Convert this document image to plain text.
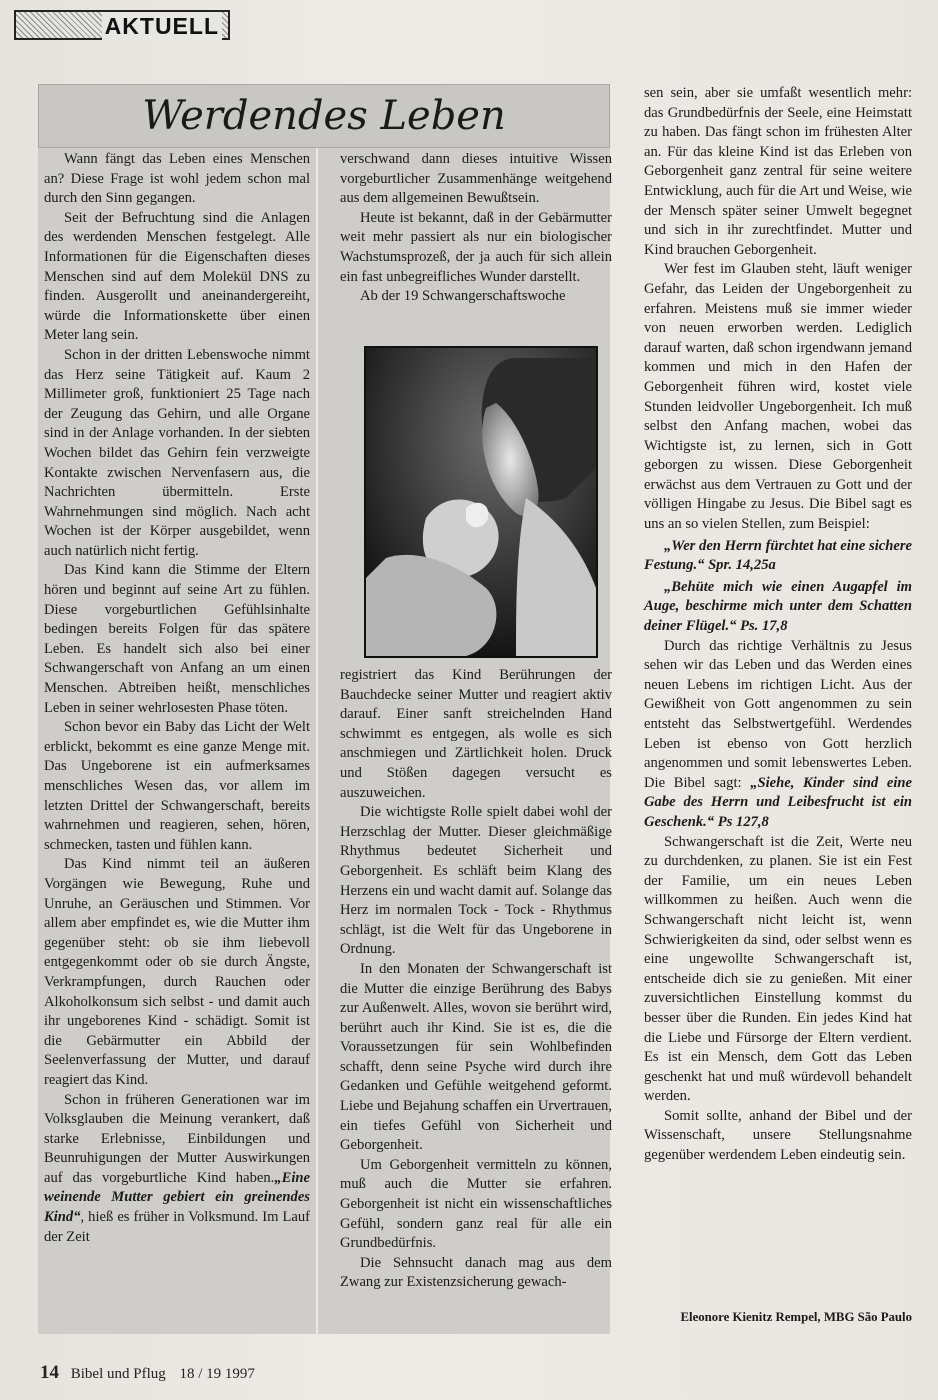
AKTUELL
Werdendes Leben

Wann fängt das Leben eines Menschen an? Diese Frage ist wohl jedem schon mal durch den Sinn gegangen.

Seit der Befruchtung sind die Anlagen des werdenden Menschen festgelegt. Alle Informationen für die Eigenschaften dieses Menschen sind auf dem Molekül DNS zu finden. Ausgerollt und aneinandergereiht, würde die Informationskette über einen Meter lang sein.

Schon in der dritten Lebenswoche nimmt das Herz seine Tätigkeit auf. Kaum 2 Millimeter groß, funktioniert 25 Tage nach der Zeugung das Gehirn, und alle Organe sind in der Anlage vorhanden. In der siebten Wochen bildet das Gehirn fein verzweigte Kontakte zwischen Nervenfasern aus, die Nachrichten übermitteln. Erste Wahrnehmungen sind möglich. Nach acht Wochen ist der Körper ausgebildet, wenn auch natürlich nicht fertig.

Das Kind kann die Stimme der Eltern hören und beginnt auf seine Art zu fühlen. Diese vorgeburtlichen Gefühlsinhalte bedingen bereits Folgen für das spätere Leben. Es handelt sich also bei einer Schwangerschaft von Anfang an um einen Menschen. Abtreiben heißt, menschliches Leben in seiner wehrlosesten Phase töten.

Schon bevor ein Baby das Licht der Welt erblickt, bekommt es eine ganze Menge mit. Das Ungeborene ist ein aufmerksames menschliches Wesen das, vor allem im letzten Drittel der Schwangerschaft, bereits wahrnehmen und reagieren, sehen, hören, schmecken, tasten und fühlen kann.

Das Kind nimmt teil an äußeren Vorgängen wie Bewegung, Ruhe und Unruhe, an Geräuschen und Stimmen. Vor allem aber empfindet es, wie die Mutter ihm gegenüber steht: ob sie ihm liebevoll entgegenkommt oder ob sie durch Ängste, Verkrampfungen, durch Rauchen oder Alkoholkonsum sich selbst - und damit auch ihr ungeborenes Kind - schädigt. Somit ist die Gebärmutter ein Abbild der Seelenverfassung der Mutter, und darauf reagiert das Kind.

Schon in früheren Generationen war im Volksglauben die Meinung verankert, daß starke Erlebnisse, Einbildungen und Beunruhigungen der Mutter Auswirkungen auf das vorgeburtliche Kind haben.„Eine weinende Mutter gebiert ein greinendes Kind“, hieß es früher in Volksmund. Im Lauf der Zeit

verschwand dann dieses intuitive Wissen vorgeburtlicher Zusammenhänge weitgehend aus dem allgemeinen Bewußtsein.

Heute ist bekannt, daß in der Gebärmutter weit mehr passiert als nur ein biologischer Wachstumsprozeß, der ja auch für sich allein ein fast unbegreifliches Wunder darstellt.

Ab der 19 Schwangerschaftswoche

registriert das Kind Berührungen der Bauchdecke seiner Mutter und reagiert aktiv darauf. Einer sanft streichelnden Hand schwimmt es entgegen, als wolle es sich anschmiegen und Zärtlichkeit holen. Druck und Stößen dagegen versucht es auszuweichen.

Die wichtigste Rolle spielt dabei wohl der Herzschlag der Mutter. Dieser gleichmäßige Rhythmus bedeutet Sicherheit und Geborgenheit. Es schläft beim Klang des Herzens ein und wacht damit auf. Solange das Herz im normalen Tock - Tock - Rhythmus schlägt, ist die Welt für das Ungeborene in Ordnung.

In den Monaten der Schwangerschaft ist die Mutter die einzige Berührung des Babys zur Außenwelt. Alles, wovon sie berührt wird, berührt auch ihr Kind. Sie ist es, die die Voraussetzungen für sein Wohlbefinden schafft, denn seine Psyche wird durch ihre Gedanken und Gefühle weitgehend geformt. Liebe und Bejahung schaffen ein Urvertrauen, ein tiefes Gefühl von Sicherheit und Geborgenheit.

Um Geborgenheit vermitteln zu können, muß auch die Mutter sie erfahren. Geborgenheit ist nicht ein wissenschaftliches Gefühl, sondern ganz real für alle ein Grundbedürfnis.

Die Sehnsucht danach mag aus dem Zwang zur Existenzsicherung gewach-

sen sein, aber sie umfaßt wesentlich mehr: das Grundbedürfnis der Seele, eine Heimstatt zu haben. Das fängt schon im frühesten Alter an. Für das kleine Kind ist das Erleben von Geborgenheit ganz zentral für seine weitere Entwicklung, auch für die Art und Weise, wie der Mensch später seiner Umwelt begegnet und sich in ihr zurechtfindet. Mutter und Kind brauchen Geborgenheit.

Wer fest im Glauben steht, läuft weniger Gefahr, das Leiden der Ungeborgenheit zu erfahren. Meistens muß sie immer wieder von neuen erworben werden. Lediglich darauf warten, daß schon irgendwann jemand kommen und mich in den Hafen der Geborgenheit führen wird, kostet viele Stunden leidvoller Ungeborgenheit. Ich muß selbst den Anfang machen, wobei das Wichtigste ist, zu lernen, sich in Gott geborgen zu wissen. Diese Geborgenheit erwächst aus dem Vertrauen zu Gott und der völligen Hingabe zu Jesus. Die Bibel sagt es uns an so vielen Stellen, zum Beispiel:

„Wer den Herrn fürchtet hat eine sichere Festung.“ Spr. 14,25a

„Behüte mich wie einen Augapfel im Auge, beschirme mich unter dem Schatten deiner Flügel.“ Ps. 17,8

Durch das richtige Verhältnis zu Jesus sehen wir das Leben und das Werden eines neuen Lebens im richtigen Licht. Aus der Gewißheit von Gott angenommen zu sein entsteht das Selbstwertgefühl. Werdendes Leben ist ebenso von Gott herzlich angenommen und somit lebenswertes Leben. Die Bibel sagt: „Siehe, Kinder sind eine Gabe des Herrn und Leibesfrucht ist ein Geschenk.“ Ps 127,8

Schwangerschaft ist die Zeit, Werte neu zu durchdenken, zu planen. Sie ist ein Fest der Familie, um ein neues Leben willkommen zu heißen. Auch wenn die Schwangerschaft nicht leicht ist, wenn Schwierigkeiten da sind, oder selbst wenn es eine ungewollte Schwangerschaft ist, entscheide dich sie zu genießen. Mit einer zuversichtlichen Einstellung kommst du besser über die Runden. Ein jedes Kind hat die Liebe und Fürsorge der Eltern verdient. Es ist ein Mensch, dem Gott das Leben geschenkt hat und muß würdevoll behandelt werden.

Somit sollte, anhand der Bibel und der Wissenschaft, unsere Stellungsnahme gegenüber werdendem Leben eindeutig sein.

Eleonore Kienitz Rempel, MBG São Paulo
14 Bibel und Pflug 18 / 19 1997
